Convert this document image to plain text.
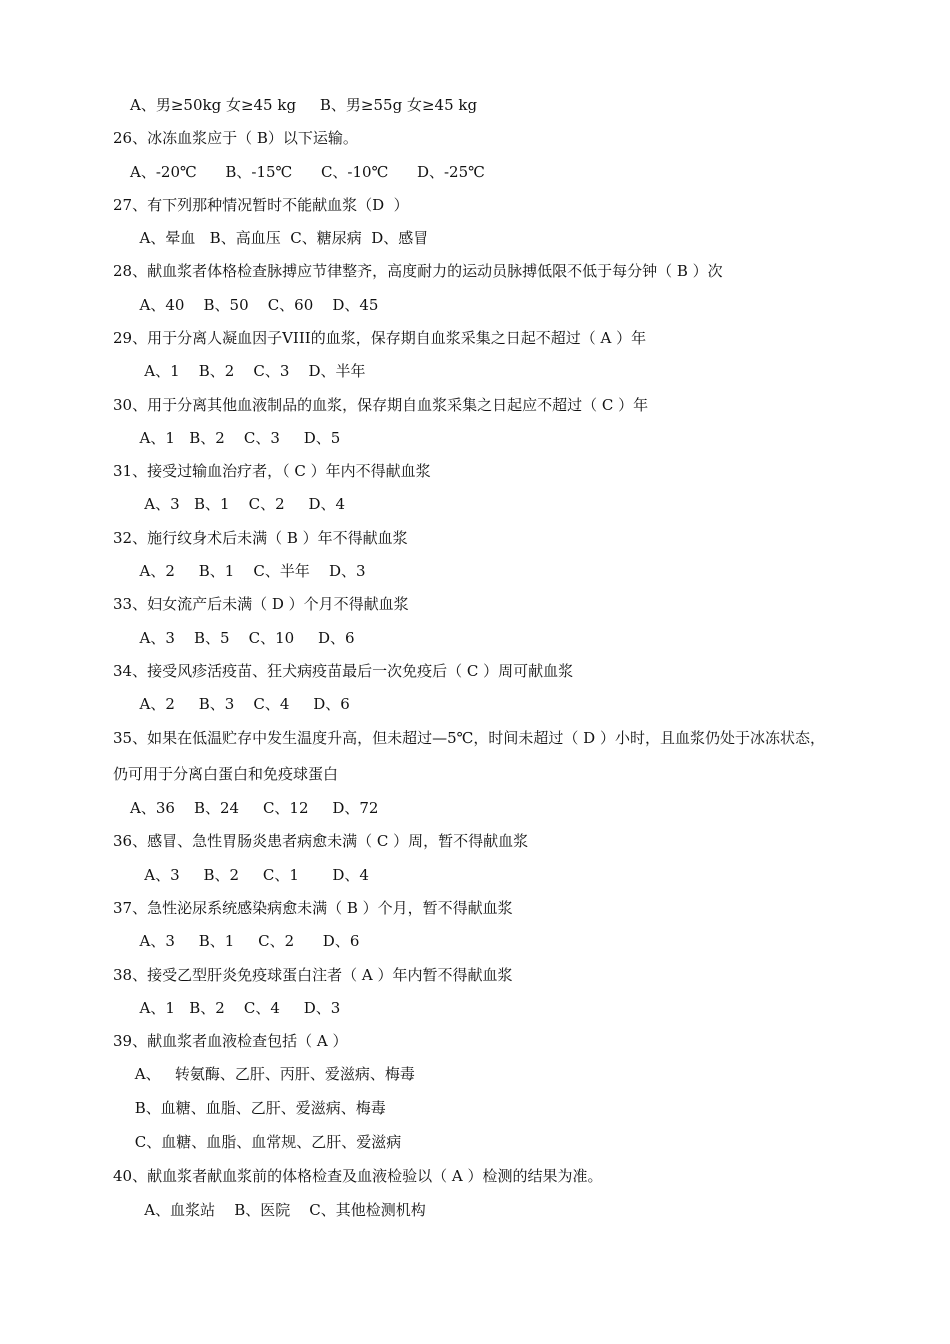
A、男≥50kg 女≥45 kg     B、男≥55g 女≥45 kg
26、冰冻血浆应于（ B）以下运输。
A、-20℃      B、-15℃      C、-10℃      D、-25℃
27、有下列那种情况暂时不能献血浆（D  ）
A、晕血   B、高血压  C、糖尿病  D、感冒
28、献血浆者体格检查脉搏应节律整齐，高度耐力的运动员脉搏低限不低于每分钟（ B ）次
A、40    B、50    C、60    D、45
29、用于分离人凝血因子VIII的血浆，保存期自血浆采集之日起不超过（ A ）年
A、1    B、2    C、3    D、半年
30、用于分离其他血液制品的血浆，保存期自血浆采集之日起应不超过（ C ）年
A、1   B、2    C、3     D、5
31、接受过输血治疗者，（ C ）年内不得献血浆
A、3   B、1    C、2     D、4
32、施行纹身术后未满（ B ）年不得献血浆
A、2     B、1    C、半年    D、3
33、妇女流产后未满（ D ）个月不得献血浆
A、3    B、5    C、10     D、6
34、接受风疹活疫苗、狂犬病疫苗最后一次免疫后（ C ）周可献血浆
A、2     B、3    C、4     D、6
35、如果在低温贮存中发生温度升高，但未超过—5℃，时间未超过（ D ）小时，且血浆仍处于冰冻状态，
仍可用于分离白蛋白和免疫球蛋白
A、36    B、24     C、12     D、72
36、感冒、急性胃肠炎患者病愈未满（ C ）周，暂不得献血浆
A、3     B、2     C、1       D、4
37、急性泌尿系统感染病愈未满（ B ）个月，暂不得献血浆
A、3     B、1     C、2      D、6
38、接受乙型肝炎免疫球蛋白注者（ A ）年内暂不得献血浆
A、1   B、2    C、4     D、3
39、献血浆者血液检查包括（ A ）
A、   转氨酶、乙肝、丙肝、爱滋病、梅毒
B、血糖、血脂、乙肝、爱滋病、梅毒
C、血糖、血脂、血常规、乙肝、爱滋病
40、献血浆者献血浆前的体格检查及血液检验以（ A ）检测的结果为准。
A、血浆站    B、医院    C、其他检测机构
